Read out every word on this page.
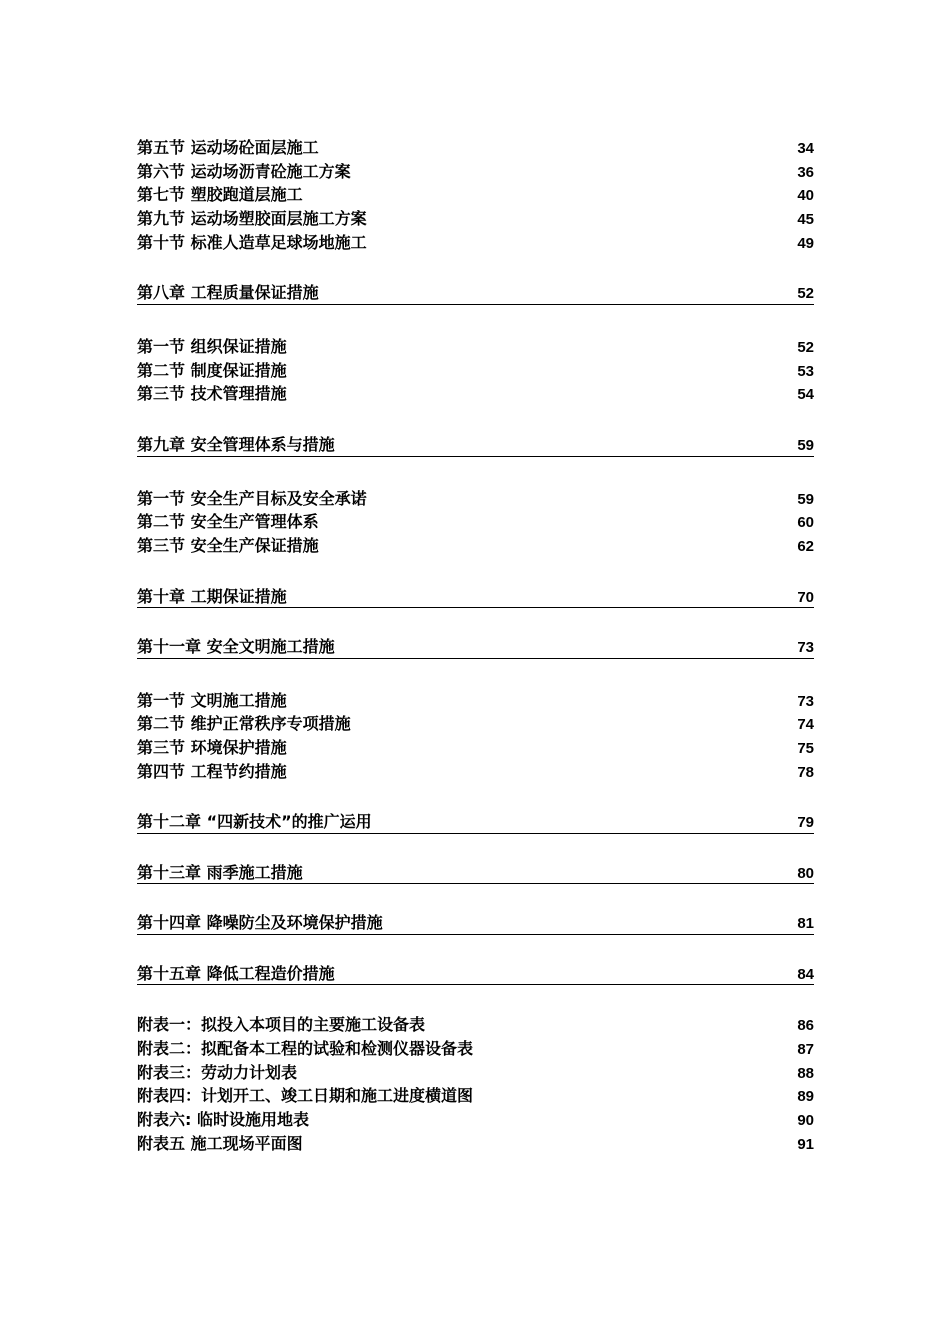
第五节 运动场砼面层施工	34
第六节 运动场沥青砼施工方案	36
第七节 塑胶跑道层施工	40
第九节 运动场塑胶面层施工方案	45
第十节 标准人造草足球场地施工	49
第八章 工程质量保证措施	52
第一节 组织保证措施	52
第二节 制度保证措施	53
第三节 技术管理措施	54
第九章 安全管理体系与措施	59
第一节 安全生产目标及安全承诺	59
第二节 安全生产管理体系	60
第三节 安全生产保证措施	62
第十章 工期保证措施	70
第十一章 安全文明施工措施	73
第一节 文明施工措施	73
第二节 维护正常秩序专项措施	74
第三节 环境保护措施	75
第四节 工程节约措施	78
第十二章 “四新技术”的推广运用	79
第十三章 雨季施工措施	80
第十四章 降噪防尘及环境保护措施	81
第十五章 降低工程造价措施	84
附表一：拟投入本项目的主要施工设备表	86
附表二：拟配备本工程的试验和检测仪器设备表	87
附表三：劳动力计划表	88
附表四：计划开工、竣工日期和施工进度横道图	89
附表六: 临时设施用地表	90
附表五 施工现场平面图	91
